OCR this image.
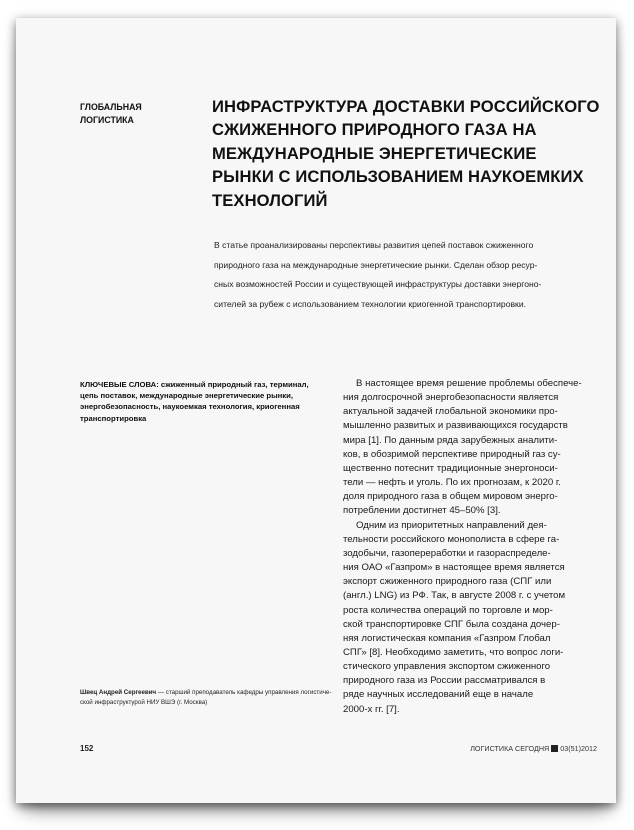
ГЛОБАЛЬНАЯ
ЛОГИСТИКА
ИНФРАСТРУКТУРА ДОСТАВКИ РОССИЙСКОГО
СЖИЖЕННОГО ПРИРОДНОГО ГАЗА НА
МЕЖДУНАРОДНЫЕ ЭНЕРГЕТИЧЕСКИЕ
РЫНКИ С ИСПОЛЬЗОВАНИЕМ НАУКОЕМКИХ
ТЕХНОЛОГИЙ
В статье проанализированы перспективы развития цепей поставок сжиженного
природного газа на международные энергетические рынки. Сделан обзор ресур-
сных возможностей России и существующей инфраструктуры доставки энергоно-
сителей за рубеж с использованием технологии криогенной транспортировки.
КЛЮЧЕВЫЕ СЛОВА: сжиженный природный газ, терминал,
цепь поставок, международные энергетические рынки,
энергобезопасность, наукоемкая технология, криогенная
транспортировка
Швец Андрей Сергеевич — старший преподаватель кафедры управления логистиче-
ской инфраструктурой НИУ ВШЭ (г. Москва)
В настоящее время решение проблемы обеспече-
ния долгосрочной энергобезопасности является
актуальной задачей глобальной экономики про-
мышленно развитых и развивающихся государств
мира [1]. По данным ряда зарубежных аналити-
ков, в обозримой перспективе природный газ су-
щественно потеснит традиционные энергоноси-
тели — нефть и уголь. По их прогнозам, к 2020 г.
доля природного газа в общем мировом энерго-
потреблении достигнет 45–50% [3].
Одним из приоритетных направлений дея-
тельности российского монополиста в сфере га-
зодобычи, газопереработки и газораспределе-
ния ОАО «Газпром» в настоящее время является
экспорт сжиженного природного газа (СПГ или
(англ.) LNG) из РФ. Так, в августе 2008 г. с учетом
роста количества операций по торговле и мор-
ской транспортировке СПГ была создана дочер-
няя логистическая компания «Газпром Глобал
СПГ» [8]. Необходимо заметить, что вопрос логи-
стического управления экспортом сжиженного
природного газа из России рассматривался в
ряде научных исследований еще в начале
2000-х гг. [7].
152	ЛОГИСТИКА СЕГОДНЯ 03(51)2012
